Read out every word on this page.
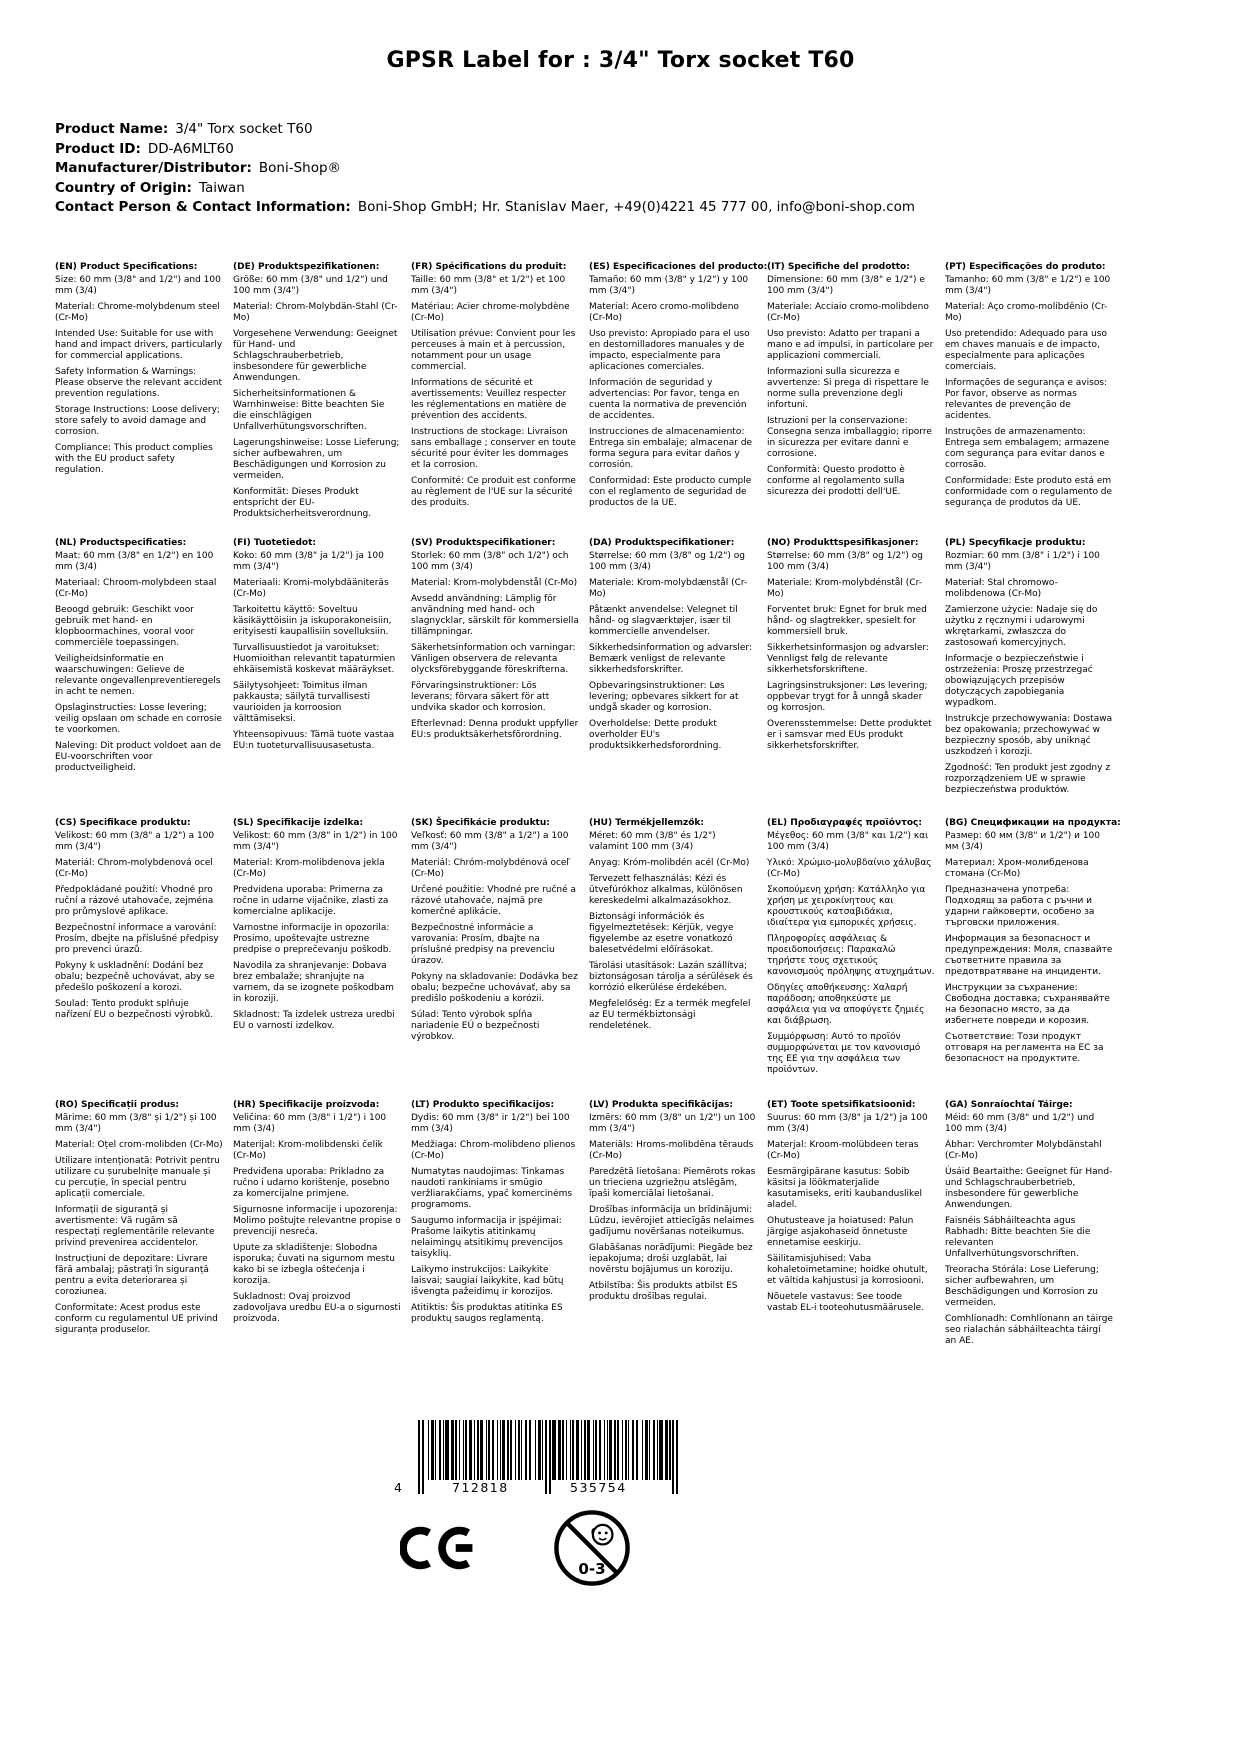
GPSR Label for : 3/4" Torx socket T60
Product Name: 3/4" Torx socket T60
Product ID: DD-A6MLT60
Manufacturer/Distributor: Boni-Shop®
Country of Origin: Taiwan
Contact Person & Contact Information: Boni-Shop GmbH; Hr. Stanislav Maer, +49(0)4221 45 777 00, info@boni-shop.com
(EN) Product Specifications:

Size: 60 mm (3/8" and 1/2") and 100 mm (3/4)

Material: Chrome-molybdenum steel (Cr-Mo)

Intended Use: Suitable for use with hand and impact drivers, particularly for commercial applications.

Safety Information & Warnings: Please observe the relevant accident prevention regulations.

Storage Instructions: Loose delivery; store safely to avoid damage and corrosion.

Compliance: This product complies with the EU product safety regulation.

(DE) Produktspezifikationen:

Größe: 60 mm (3/8" und 1/2") und 100 mm (3/4")

Material: Chrom-Molybdän-Stahl (Cr-Mo)

Vorgesehene Verwendung: Geeignet für Hand- und Schlagschrauberbetrieb, insbesondere für gewerbliche Anwendungen.

Sicherheitsinformationen & Warnhinweise: Bitte beachten Sie die einschlägigen Unfallverhütungsvorschriften.

Lagerungshinweise: Losse Lieferung; sicher aufbewahren, um Beschädigungen und Korrosion zu vermeiden.

Konformität: Dieses Produkt entspricht der EU-Produktsicherheitsverordnung.

(FR) Spécifications du produit:

Taille: 60 mm (3/8" et 1/2") et 100 mm (3/4")

Matériau: Acier chrome-molybdène (Cr-Mo)

Utilisation prévue: Convient pour les perceuses à main et à percussion, notamment pour un usage commercial.

Informations de sécurité et avertissements: Veuillez respecter les réglementations en matière de prévention des accidents.

Instructions de stockage: Livraison sans emballage ; conserver en toute sécurité pour éviter les dommages et la corrosion.

Conformité: Ce produit est conforme au règlement de l'UE sur la sécurité des produits.

(ES) Especificaciones del producto:

Tamaño: 60 mm (3/8" y 1/2") y 100 mm (3/4")

Material: Acero cromo-molibdeno (Cr-Mo)

Uso previsto: Apropiado para el uso en destornilladores manuales y de impacto, especialmente para aplicaciones comerciales.

Información de seguridad y advertencias: Por favor, tenga en cuenta la normativa de prevención de accidentes.

Instrucciones de almacenamiento: Entrega sin embalaje; almacenar de forma segura para evitar daños y corrosión.

Conformidad: Este producto cumple con el reglamento de seguridad de productos de la UE.

(IT) Specifiche del prodotto:

Dimensione: 60 mm (3/8" e 1/2") e 100 mm (3/4")

Materiale: Acciaio cromo-molibdeno (Cr-Mo)

Uso previsto: Adatto per trapani a mano e ad impulsi, in particolare per applicazioni commerciali.

Informazioni sulla sicurezza e avvertenze: Si prega di rispettare le norme sulla prevenzione degli infortuni.

Istruzioni per la conservazione: Consegna senza imballaggio; riporre in sicurezza per evitare danni e corrosione.

Conformità: Questo prodotto è conforme al regolamento sulla sicurezza dei prodotti dell'UE.

(PT) Especificações do produto:

Tamanho: 60 mm (3/8" e 1/2") e 100 mm (3/4")

Material: Aço cromo-molibdênio (Cr-Mo)

Uso pretendido: Adequado para uso em chaves manuais e de impacto, especialmente para aplicações comerciais.

Informações de segurança e avisos: Por favor, observe as normas relevantes de prevenção de acidentes.

Instruções de armazenamento: Entrega sem embalagem; armazene com segurança para evitar danos e corrosão.

Conformidade: Este produto está em conformidade com o regulamento de segurança de produtos da UE.

(NL) Productspecificaties:

Maat: 60 mm (3/8" en 1/2") en 100 mm (3/4)

Materiaal: Chroom-molybdeen staal (Cr-Mo)

Beoogd gebruik: Geschikt voor gebruik met hand- en klopboormachines, vooral voor commerciële toepassingen.

Veiligheidsinformatie en waarschuwingen: Gelieve de relevante ongevallenpreventieregels in acht te nemen.

Opslaginstructies: Losse levering; veilig opslaan om schade en corrosie te voorkomen.

Naleving: Dit product voldoet aan de EU-voorschriften voor productveiligheid.

(FI) Tuotetiedot:

Koko: 60 mm (3/8" ja 1/2") ja 100 mm (3/4")

Materiaali: Kromi-molybdääniteräs (Cr-Mo)

Tarkoitettu käyttö: Soveltuu käsikäyttöisiin ja iskuporakoneisiin, erityisesti kaupallisiin sovelluksiin.

Turvallisuustiedot ja varoitukset: Huomioithan relevantit tapaturmien ehkäisemistä koskevat määräykset.

Säilytysohjeet: Toimitus ilman pakkausta; säilytä turvallisesti vaurioiden ja korroosion välttämiseksi.

Yhteensopivuus: Tämä tuote vastaa EU:n tuoteturvallisuusasetusta.

(SV) Produktspecifikationer:

Storlek: 60 mm (3/8" och 1/2") och 100 mm (3/4)

Material: Krom-molybdenstål (Cr-Mo)

Avsedd användning: Lämplig för användning med hand- och slagnycklar, särskilt för kommersiella tillämpningar.

Säkerhetsinformation och varningar: Vänligen observera de relevanta olycksförebyggande föreskrifterna.

Förvaringsinstruktioner: Lös leverans; förvara säkert för att undvika skador och korrosion.

Efterlevnad: Denna produkt uppfyller EU:s produktsäkerhetsförordning.

(DA) Produktspecifikationer:

Størrelse: 60 mm (3/8" og 1/2") og 100 mm (3/4)

Materiale: Krom-molybdænstål (Cr-Mo)

Påtænkt anvendelse: Velegnet til hånd- og slagværktøjer, især til kommercielle anvendelser.

Sikkerhedsinformation og advarsler: Bemærk venligst de relevante sikkerhedsforskrifter.

Opbevaringsinstruktioner: Løs levering; opbevares sikkert for at undgå skader og korrosion.

Overholdelse: Dette produkt overholder EU's produktsikkerhedsforordning.

(NO) Produkttspesifikasjoner:

Størrelse: 60 mm (3/8" og 1/2") og 100 mm (3/4)

Materiale: Krom-molybdénstål (Cr-Mo)

Forventet bruk: Egnet for bruk med hånd- og slagtrekker, spesielt for kommersiell bruk.

Sikkerhetsinformasjon og advarsler: Vennligst følg de relevante sikkerhetsforskriftene.

Lagringsinstruksjoner: Løs levering; oppbevar trygt for å unngå skader og korrosjon.

Overensstemmelse: Dette produktet er i samsvar med EUs produkt sikkerhetsforskrifter.

(PL) Specyfikacje produktu:

Rozmiar: 60 mm (3/8" i 1/2") i 100 mm (3/4")

Materiał: Stal chromowo-molibdenowa (Cr-Mo)

Zamierzone użycie: Nadaje się do użytku z ręcznymi i udarowymi wkrętarkami, zwłaszcza do zastosowań komercyjnych.

Informacje o bezpieczeństwie i ostrzeżenia: Proszę przestrzegać obowiązujących przepisów dotyczących zapobiegania wypadkom.

Instrukcje przechowywania: Dostawa bez opakowania; przechowywać w bezpieczny sposób, aby uniknąć uszkodzeń i korozji.

Zgodność: Ten produkt jest zgodny z rozporządzeniem UE w sprawie bezpieczeństwa produktów.

(CS) Specifikace produktu:

Velikost: 60 mm (3/8" a 1/2") a 100 mm (3/4")

Materiál: Chrom-molybdenová ocel (Cr-Mo)

Předpokládané použití: Vhodné pro ruční a rázové utahovače, zejména pro průmyslové aplikace.

Bezpečnostní informace a varování: Prosím, dbejte na příslušné předpisy pro prevenci úrazů.

Pokyny k uskladnění: Dodání bez obalu; bezpečně uchovávat, aby se předešlo poškození a korozi.

Soulad: Tento produkt splňuje nařízení EU o bezpečnosti výrobků.

(SL) Specifikacije izdelka:

Velikost: 60 mm (3/8" in 1/2") in 100 mm (3/4")

Material: Krom-molibdenova jekla (Cr-Mo)

Predvidena uporaba: Primerna za ročne in udarne vijačnike, zlasti za komercialne aplikacije.

Varnostne informacije in opozorila: Prosimo, upoštevajte ustrezne predpise o preprečevanju poškodb.

Navodila za shranjevanje: Dobava brez embalaže; shranjujte na varnem, da se izognete poškodbam in koroziji.

Skladnost: Ta izdelek ustreza uredbi EU o varnosti izdelkov.

(SK) Špecifikácie produktu:

Veľkosť: 60 mm (3/8" a 1/2") a 100 mm (3/4")

Materiál: Chróm-molybdénová oceľ (Cr-Mo)

Určené použitie: Vhodné pre ručné a rázové utahovače, najmä pre komerčné aplikácie.

Bezpečnostné informácie a varovania: Prosím, dbajte na príslušné predpisy na prevenciu úrazov.

Pokyny na skladovanie: Dodávka bez obalu; bezpečne uchovávať, aby sa predišlo poškodeniu a korózii.

Súlad: Tento výrobok spĺňa nariadenie EÚ o bezpečnosti výrobkov.

(HU) Termékjellemzők:

Méret: 60 mm (3/8" és 1/2") valamint 100 mm (3/4)

Anyag: Króm-molibdén acél (Cr-Mo)

Tervezett felhasználás: Kézi és ütvefúrókhoz alkalmas, különösen kereskedelmi alkalmazásokhoz.

Biztonsági információk és figyelmeztetések: Kérjük, vegye figyelembe az esetre vonatkozó balesetvédelmi előírásokat.

Tárolási utasítások: Lazán szállítva; biztonságosan tárolja a sérülések és korrózió elkerülése érdekében.

Megfelelőség: Ez a termék megfelel az EU termékbiztonsági rendeletének.

(EL) Προδιαγραφές προϊόντος:

Μέγεθος: 60 mm (3/8" και 1/2") και 100 mm (3/4)

Υλικό: Χρώμιο-μολυβδαίνιο χάλυβας (Cr-Mo)

Σκοπούμενη χρήση: Κατάλληλο για χρήση με χειροκίνητους και κρουστικούς κατσαβιδάκια, ιδιαίτερα για εμπορικές χρήσεις.

Πληροφορίες ασφάλειας & προειδοποιήσεις: Παρακαλώ τηρήστε τους σχετικούς κανονισμούς πρόληψης ατυχημάτων.

Οδηγίες αποθήκευσης: Χαλαρή παράδοση; αποθηκεύστε με ασφάλεια για να αποφύγετε ζημιές και διάβρωση.

Συμμόρφωση: Αυτό το προϊόν συμμορφώνεται με τον κανονισμό της ΕΕ για την ασφάλεια των προϊόντων.

(BG) Спецификации на продукта:

Размер: 60 мм (3/8" и 1/2") и 100 мм (3/4)

Материал: Хром-молибденова стомана (Cr-Mo)

Предназначена употреба: Подходящ за работа с ръчни и ударни гайковерти, особено за търговски приложения.

Информация за безопасност и предупреждения: Моля, спазвайте съответните правила за предотвратяване на инциденти.

Инструкции за съхранение: Свободна доставка; съхранявайте на безопасно място, за да избегнете повреди и корозия.

Съответствие: Този продукт отговаря на регламента на ЕС за безопасност на продуктите.

(RO) Specificații produs:

Mărime: 60 mm (3/8" și 1/2") și 100 mm (3/4")

Material: Oțel crom-molibden (Cr-Mo)

Utilizare intenționată: Potrivit pentru utilizare cu șurubelnițe manuale și cu percuție, în special pentru aplicații comerciale.

Informații de siguranță și avertismente: Vă rugăm să respectați reglementările relevante privind prevenirea accidentelor.

Instrucțiuni de depozitare: Livrare fără ambalaj; păstrați în siguranță pentru a evita deteriorarea și coroziunea.

Conformitate: Acest produs este conform cu regulamentul UE privind siguranța produselor.

(HR) Specifikacije proizvoda:

Veličina: 60 mm (3/8" i 1/2") i 100 mm (3/4)

Materijal: Krom-molibdenski čelik (Cr-Mo)

Predviđena uporaba: Prikladno za ručno i udarno korištenje, posebno za komercijalne primjene.

Sigurnosne informacije i upozorenja: Molimo poštujte relevantne propise o prevenciji nesreća.

Upute za skladištenje: Slobodna isporuka; čuvati na sigurnom mestu kako bi se izbegla oštećenja i korozija.

Sukladnost: Ovaj proizvod zadovoljava uredbu EU-a o sigurnosti proizvoda.

(LT) Produkto specifikacijos:

Dydis: 60 mm (3/8" ir 1/2") bei 100 mm (3/4)

Medžiaga: Chrom-molibdeno plienos (Cr-Mo)

Numatytas naudojimas: Tinkamas naudoti rankiniams ir smūgio veržliarakčiams, ypač komercinėms programoms.

Saugumo informacija ir įspėjimai: Prašome laikytis atitinkamų nelaimingų atsitikimų prevencijos taisyklių.

Laikymo instrukcijos: Laikykite laisvai; saugiai laikykite, kad būtų išvengta pažeidimų ir korozijos.

Atitiktis: Šis produktas atitinka ES produktų saugos reglamentą.

(LV) Produkta specifikācijas:

Izmērs: 60 mm (3/8" un 1/2") un 100 mm (3/4")

Materiāls: Hroms-molibdēna tērauds (Cr-Mo)

Paredzētā lietošana: Piemērots rokas un trieciena uzgriežņu atslēgām, īpaši komerciālai lietošanai.

Drošības informācija un brīdinājumi: Lūdzu, ievērojiet attiecīgās nelaimes gadījumu novēršanas noteikumus.

Glabāšanas norādījumi: Piegāde bez iepakojuma; droši uzglabāt, lai novērstu bojājumus un koroziju.

Atbilstība: Šis produkts atbilst ES produktu drošības regulai.

(ET) Toote spetsifikatsioonid:

Suurus: 60 mm (3/8" ja 1/2") ja 100 mm (3/4)

Materjal: Kroom-molübdeen teras (Cr-Mo)

Eesmärgipärane kasutus: Sobib käsitsi ja löökmaterjalide kasutamiseks, eriti kaubanduslikel aladel.

Ohutusteave ja hoiatused: Palun järgige asjakohaseid õnnetuste ennetamise eeskirju.

Säilitamisjuhised: Vaba kohaletoimetamine; hoidke ohutult, et vältida kahjustusi ja korrosiooni.

Nõuetele vastavus: See toode vastab EL-i tooteohutusmäärusele.

(GA) Sonraíochtaí Táirge:

Méid: 60 mm (3/8" und 1/2") und 100 mm (3/4)

Ábhar: Verchromter Molybdänstahl (Cr-Mo)

Úsáid Beartaithe: Geeignet für Hand- und Schlagschrauberbetrieb, insbesondere für gewerbliche Anwendungen.

Faisnéis Sábháilteachta agus Rabhadh: Bitte beachten Sie die relevanten Unfallverhütungsvorschriften.

Treoracha Stórála: Lose Lieferung; sicher aufbewahren, um Beschädigungen und Korrosion zu vermeiden.

Comhlíonadh: Comhlíonann an táirge seo rialachán sábháilteachta táirgí an AE.

4	712818	535754
0-3
